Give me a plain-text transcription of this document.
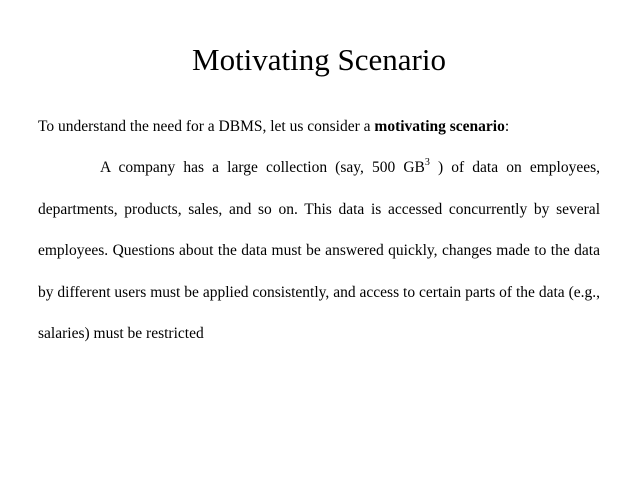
Motivating Scenario

To understand the need for a DBMS, let us consider a motivating scenario:

A company has a large collection (say, 500 $GB^3$ ) of data on employees, departments, products, sales, and so on. This data is accessed concurrently by several employees. Questions about the data must be answered quickly, changes made to the data by different users must be applied consistently, and access to certain parts of the data (e.g., salaries) must be restricted
